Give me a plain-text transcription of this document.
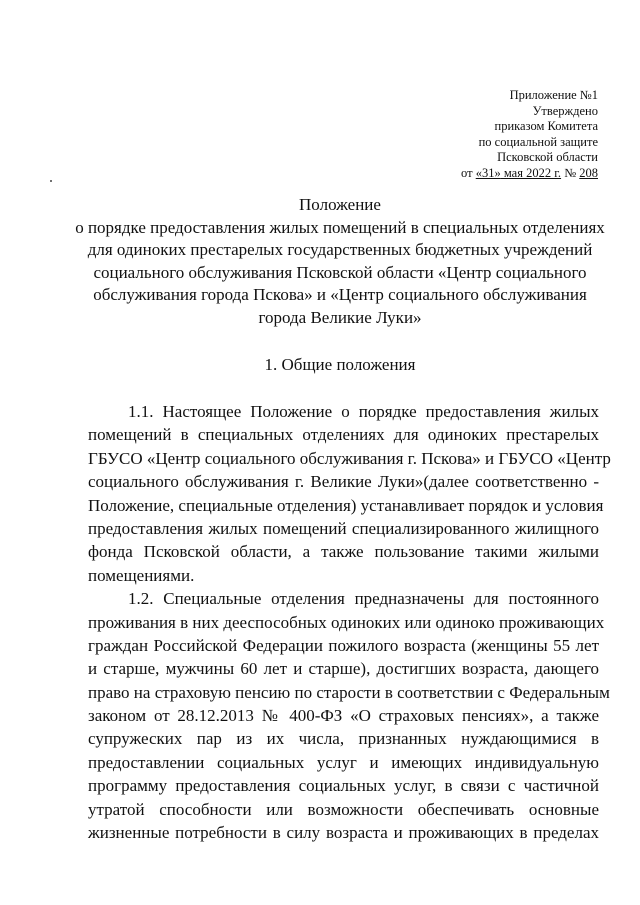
Приложение №1
Утверждено
приказом Комитета
по социальной защите
Псковской области
от «31» мая 2022 г. № 208
Положение
о порядке предоставления жилых помещений в специальных отделениях
для одиноких престарелых государственных бюджетных учреждений
социального обслуживания Псковской области «Центр социального
обслуживания города Пскова» и «Центр социального обслуживания
города Великие Луки»
1. Общие положения
1.1. Настоящее Положение о порядке предоставления жилых
помещений в специальных отделениях для одиноких престарелых
ГБУСО «Центр социального обслуживания г. Пскова» и ГБУСО «Центр
социального обслуживания г. Великие Луки»(далее соответственно -
Положение, специальные отделения) устанавливает порядок и условия
предоставления жилых помещений специализированного жилищного
фонда Псковской области, а также пользование такими жилыми
помещениями.
1.2. Специальные отделения предназначены для постоянного
проживания в них дееспособных одиноких или одиноко проживающих
граждан Российской Федерации пожилого возраста (женщины 55 лет
и старше, мужчины 60 лет и старше), достигших возраста, дающего
право на страховую пенсию по старости в соответствии с Федеральным
законом от 28.12.2013 № 400-ФЗ «О страховых пенсиях», а также
супружеских пар из их числа, признанных нуждающимися в
предоставлении социальных услуг и имеющих индивидуальную
программу предоставления социальных услуг, в связи с частичной
утратой способности или возможности обеспечивать основные
жизненные потребности в силу возраста и проживающих в пределах
